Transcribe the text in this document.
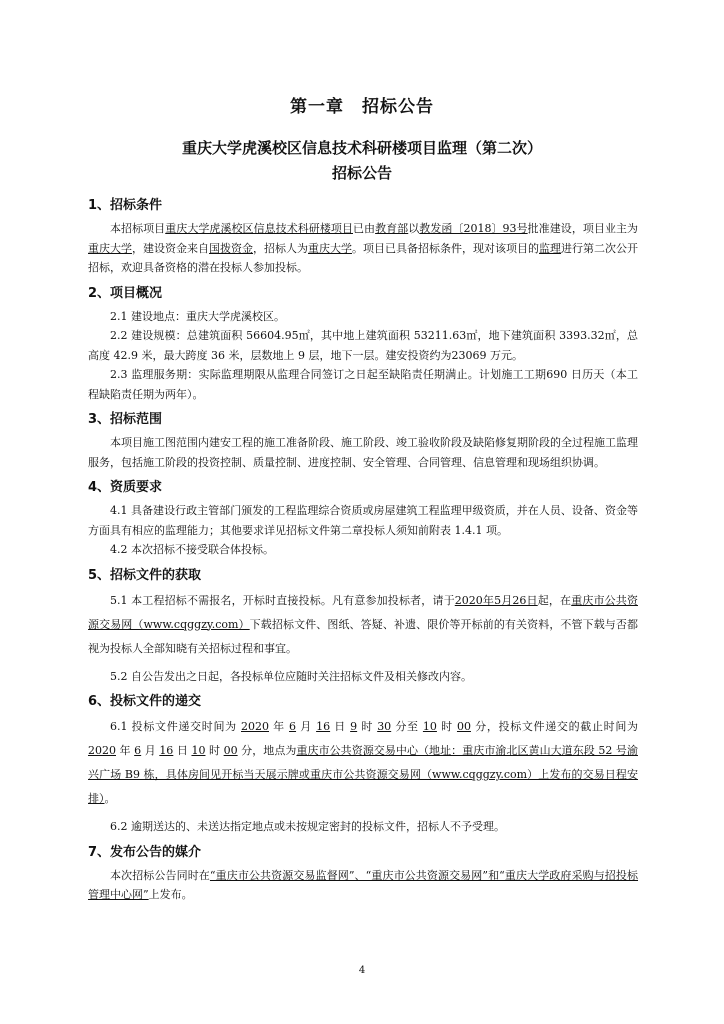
第一章　招标公告
重庆大学虎溪校区信息技术科研楼项目监理（第二次）
招标公告
1、招标条件

本招标项目重庆大学虎溪校区信息技术科研楼项目已由教育部以教发函〔2018〕93号批准建设，项目业主为重庆大学，建设资金来自国拨资金，招标人为重庆大学。项目已具备招标条件，现对该项目的监理进行第二次公开招标，欢迎具备资格的潜在投标人参加投标。

2、项目概况

2.1 建设地点：重庆大学虎溪校区。

2.2 建设规模：总建筑面积 56604.95㎡，其中地上建筑面积 53211.63㎡，地下建筑面积 3393.32㎡，总高度 42.9 米，最大跨度 36 米，层数地上 9 层，地下一层。建安投资约为23069 万元。

2.3 监理服务期：实际监理期限从监理合同签订之日起至缺陷责任期满止。计划施工工期690 日历天（本工程缺陷责任期为两年）。

3、招标范围

本项目施工图范围内建安工程的施工准备阶段、施工阶段、竣工验收阶段及缺陷修复期阶段的全过程施工监理服务，包括施工阶段的投资控制、质量控制、进度控制、安全管理、合同管理、信息管理和现场组织协调。

4、资质要求

4.1 具备建设行政主管部门颁发的工程监理综合资质或房屋建筑工程监理甲级资质，并在人员、设备、资金等方面具有相应的监理能力；其他要求详见招标文件第二章投标人须知前附表 1.4.1 项。

4.2 本次招标不接受联合体投标。

5、招标文件的获取

5.1 本工程招标不需报名，开标时直接投标。凡有意参加投标者，请于2020年5月26日起，在重庆市公共资源交易网（www.cqggzy.com）下载招标文件、图纸、答疑、补遗、限价等开标前的有关资料，不管下载与否都视为投标人全部知晓有关招标过程和事宜。

5.2 自公告发出之日起，各投标单位应随时关注招标文件及相关修改内容。

6、投标文件的递交

6.1 投标文件递交时间为 2020 年 6 月 16 日 9 时 30 分至 10 时 00 分，投标文件递交的截止时间为 2020 年 6 月 16 日 10 时 00 分，地点为重庆市公共资源交易中心（地址：重庆市渝北区黄山大道东段 52 号渝兴广场 B9 栋，具体房间见开标当天展示牌或重庆市公共资源交易网（www.cqggzy.com）上发布的交易日程安排）。

6.2 逾期送达的、未送达指定地点或未按规定密封的投标文件，招标人不予受理。

7、发布公告的媒介

本次招标公告同时在“重庆市公共资源交易监督网”、“重庆市公共资源交易网”和“重庆大学政府采购与招投标管理中心网”上发布。

4
